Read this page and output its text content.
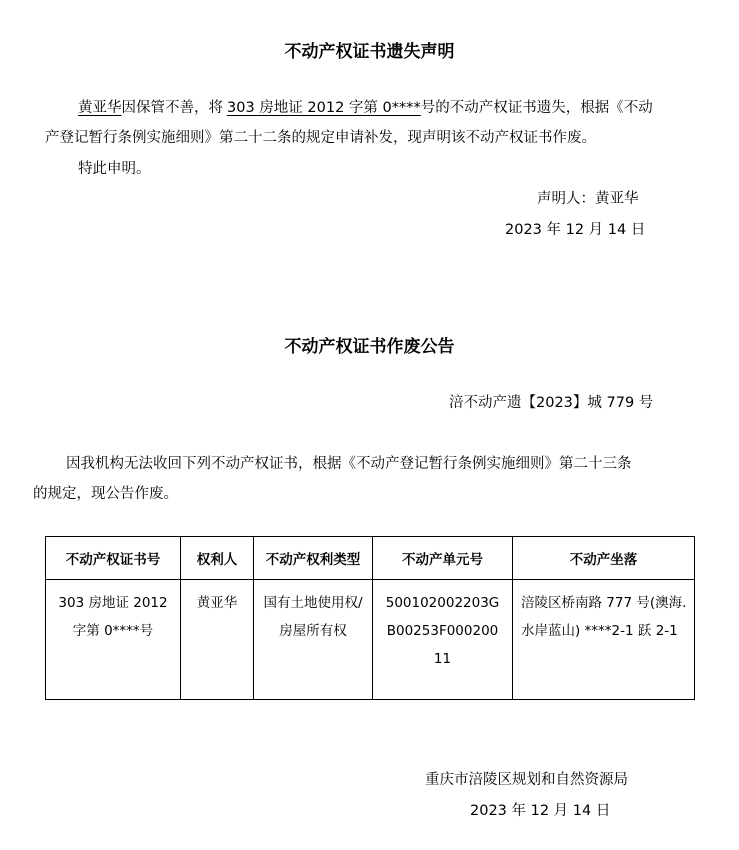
不动产权证书遗失声明
黄亚华因保管不善，将 303 房地证 2012 字第 0****号的不动产权证书遗失，根据《不动
产登记暂行条例实施细则》第二十二条的规定申请补发，现声明该不动产权证书作废。
特此申明。
声明人：黄亚华
2023 年 12 月 14 日
不动产权证书作废公告
涪不动产遗【2023】城 779 号
因我机构无法收回下列不动产权证书，根据《不动产登记暂行条例实施细则》第二十三条
的规定，现公告作废。
不动产权证书号	权利人	不动产权利类型	不动产单元号	不动产坐落
303 房地证 2012 字第 0****号	黄亚华	国有土地使用权/房屋所有权	500102002203GB00253F00020011	涪陵区桥南路 777 号(澳海.水岸蓝山) ****2-1 跃 2-1
重庆市涪陵区规划和自然资源局
2023 年 12 月 14 日
